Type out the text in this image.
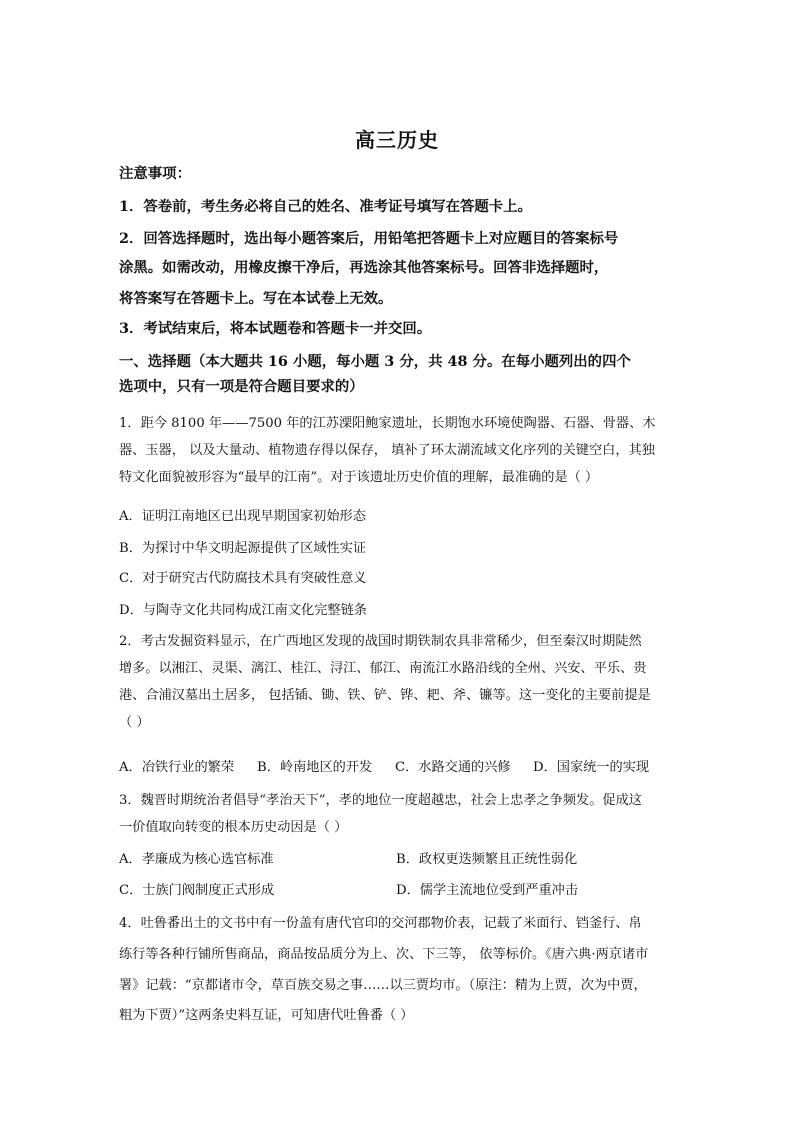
高三历史
注意事项：
1．答卷前，考生务必将自己的姓名、准考证号填写在答题卡上。
2．回答选择题时，选出每小题答案后，用铅笔把答题卡上对应题目的答案标号
涂黑。如需改动，用橡皮擦干净后，再选涂其他答案标号。回答非选择题时，
将答案写在答题卡上。写在本试卷上无效。
3．考试结束后，将本试题卷和答题卡一并交回。
一、选择题（本大题共 16 小题，每小题 3 分，共 48 分。在每小题列出的四个
选项中，只有一项是符合题目要求的）
1．距今 8100 年——7500 年的江苏溧阳鲍家遗址，长期饱水环境使陶器、石器、骨器、木
器、玉器， 以及大量动、植物遗存得以保存， 填补了环太湖流域文化序列的关键空白，其独
特文化面貌被形容为“最早的江南”。对于该遗址历史价值的理解，最准确的是（ ）
A．证明江南地区已出现早期国家初始形态
B．为探讨中华文明起源提供了区域性实证
C．对于研究古代防腐技术具有突破性意义
D．与陶寺文化共同构成江南文化完整链条
2．考古发掘资料显示，在广西地区发现的战国时期铁制农具非常稀少，但至秦汉时期陡然
增多。以湘江、灵渠、漓江、桂江、浔江、郁江、南流江水路沿线的全州、兴安、平乐、贵
港、合浦汉墓出土居多， 包括锸、锄、铁、铲、铧、耙、斧、镰等。这一变化的主要前提是
（ ）
A．冶铁行业的繁荣 B．岭南地区的开发 C．水路交通的兴修 D．国家统一的实现
3．魏晋时期统治者倡导“孝治天下”，孝的地位一度超越忠，社会上忠孝之争频发。促成这
一价值取向转变的根本历史动因是（ ）
A．孝廉成为核心选官标准	B．政权更迭频繁且正统性弱化
C．士族门阀制度正式形成	D．儒学主流地位受到严重冲击
4．吐鲁番出土的文书中有一份盖有唐代官印的交河郡物价表，记载了米面行、铛釜行、帛
练行等各种行铺所售商品，商品按品质分为上、次、下三等， 依等标价。《唐六典·两京诸市
署》记载：“京都诸市令，草百族交易之事……以三贾均市。（原注：精为上贾，次为中贾，
粗为下贾）”这两条史料互证，可知唐代吐鲁番（ ）
